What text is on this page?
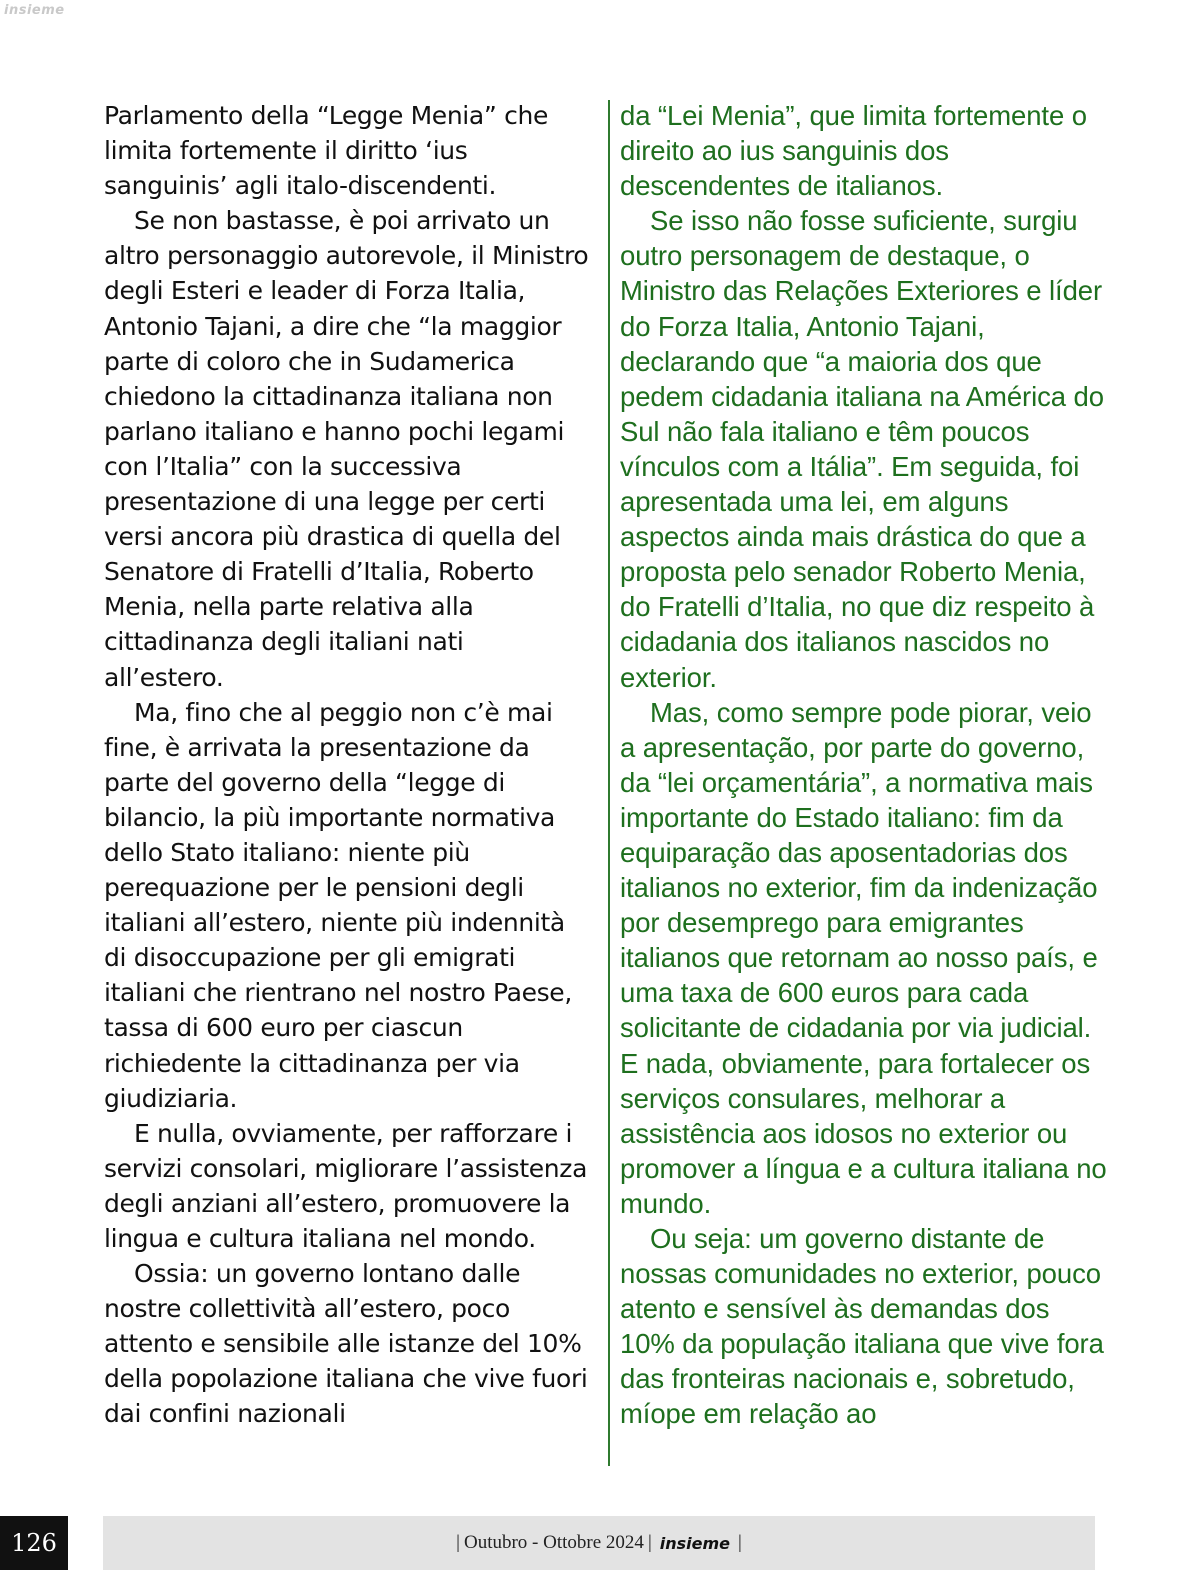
insieme

Parlamento della “Legge Menia” che limita fortemente il diritto ‘ius sanguinis’ agli italo-discendenti.

Se non bastasse, è poi arrivato un altro personaggio autorevole, il Ministro degli Esteri e leader di Forza Italia, Antonio Tajani, a dire che “la maggior parte di coloro che in Sudamerica chiedono la cittadinanza italiana non parlano italiano e hanno pochi legami con l’Italia” con la successiva presentazione di una legge per certi versi ancora più drastica di quella del Senatore di Fratelli d’Italia, Roberto Menia, nella parte relativa alla cittadinanza degli italiani nati all’estero.

Ma, fino che al peggio non c’è mai fine, è arrivata la presentazione da parte del governo della “legge di bilancio, la più importante normativa dello Stato italiano: niente più perequazione per le pensioni degli italiani all’estero, niente più indennità di disoccupazione per gli emigrati italiani che rientrano nel nostro Paese, tassa di 600 euro per ciascun richiedente la cittadinanza per via giudiziaria.

E nulla, ovviamente, per rafforzare i servizi consolari, migliorare l’assistenza degli anziani all’estero, promuovere la lingua e cultura italiana nel mondo.

Ossia: un governo lontano dalle nostre collettività all’estero, poco attento e sensibile alle istanze del 10% della popolazione italiana che vive fuori dai confini nazionali

da “Lei Menia”, que limita fortemente o direito ao ius sanguinis dos descendentes de italianos.

Se isso não fosse suficiente, surgiu outro personagem de destaque, o Ministro das Relações Exteriores e líder do Forza Italia, Antonio Tajani, declarando que “a maioria dos que pedem cidadania italiana na América do Sul não fala italiano e têm poucos vínculos com a Itália”. Em seguida, foi apresentada uma lei, em alguns aspectos ainda mais drástica do que a proposta pelo senador Roberto Menia, do Fratelli d’Italia, no que diz respeito à cidadania dos italianos nascidos no exterior.

Mas, como sempre pode piorar, veio a apresentação, por parte do governo, da “lei orçamentária”, a normativa mais importante do Estado italiano: fim da equiparação das aposentadorias dos italianos no exterior, fim da indenização por desemprego para emigrantes italianos que retornam ao nosso país, e uma taxa de 600 euros para cada solicitante de cidadania por via judicial. E nada, obviamente, para fortalecer os serviços consulares, melhorar a assistência aos idosos no exterior ou promover a língua e a cultura italiana no mundo.

Ou seja: um governo distante de nossas comunidades no exterior, pouco atento e sensível às demandas dos 10% da população italiana que vive fora das fronteiras nacionais e, sobretudo, míope em relação ao

126	| Outubro - Ottobre 2024 | insieme |
